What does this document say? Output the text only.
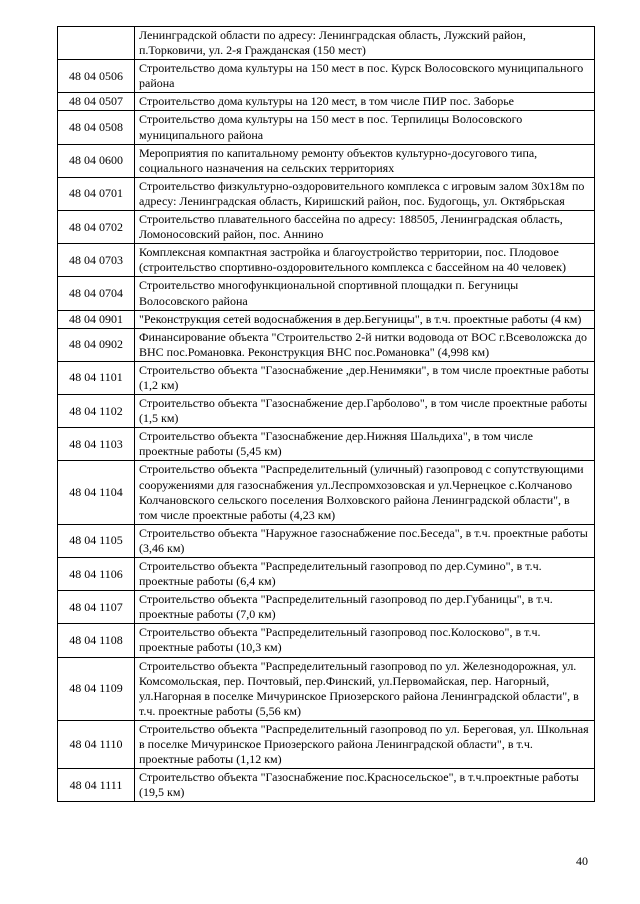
	Ленинградской области по адресу: Ленинградская область, Лужский район, п.Торковичи, ул. 2-я Гражданская (150 мест)
48 04 0506	Строительство дома культуры на 150 мест в пос. Курск Волосовского муниципального района
48 04 0507	Строительство дома культуры на 120 мест, в том числе ПИР пос. Заборье
48 04 0508	Строительство дома культуры на 150 мест в пос. Терпилицы Волосовского муниципального района
48 04 0600	Мероприятия по капитальному ремонту объектов культурно-досугового типа, социального назначения на сельских территориях
48 04 0701	Строительство физкультурно-оздоровительного комплекса с игровым залом 30х18м по адресу: Ленинградская область, Киришский район, пос. Будогощь, ул. Октябрьская
48 04 0702	Строительство плавательного бассейна по адресу: 188505, Ленинградская область, Ломоносовский район, пос. Аннино
48 04 0703	Комплексная компактная застройка и благоустройство территории, пос. Плодовое (строительство спортивно-оздоровительного комплекса с бассейном на 40 человек)
48 04 0704	Строительство многофункциональной спортивной площадки п. Бегуницы Волосовского района
48 04 0901	"Реконструкция сетей водоснабжения в дер.Бегуницы", в т.ч. проектные работы (4 км)
48 04 0902	Финансирование объекта "Строительство 2-й нитки водовода от ВОС г.Всеволожска до ВНС пос.Романовка. Реконструкция ВНС пос.Романовка" (4,998 км)
48 04 1101	Строительство объекта "Газоснабжение ,дер.Ненимяки", в том числе проектные работы (1,2 км)
48 04 1102	Строительство объекта "Газоснабжение дер.Гарболово", в том числе проектные работы (1,5 км)
48 04 1103	Строительство объекта "Газоснабжение дер.Нижняя Шальдиха", в том числе проектные работы (5,45 км)
48 04 1104	Строительство объекта "Распределительный (уличный) газопровод с сопутствующими сооружениями для газоснабжения ул.Леспромхозовская и ул.Чернецкое с.Колчаново Колчановского сельского поселения Волховского района Ленинградской области", в том числе проектные работы (4,23 км)
48 04 1105	Строительство объекта "Наружное газоснабжение пос.Беседа", в т.ч. проектные работы (3,46 км)
48 04 1106	Строительство объекта "Распределительный газопровод по дер.Сумино", в т.ч. проектные работы (6,4 км)
48 04 1107	Строительство объекта "Распределительный газопровод по дер.Губаницы", в т.ч. проектные работы (7,0 км)
48 04 1108	Строительство объекта "Распределительный газопровод пос.Колосково", в т.ч. проектные работы (10,3 км)
48 04 1109	Строительство объекта "Распределительный газопровод по ул. Железнодорожная, ул. Комсомольская, пер. Почтовый, пер.Финский, ул.Первомайская, пер. Нагорный, ул.Нагорная в поселке Мичуринское Приозерского района Ленинградской области", в т.ч. проектные работы (5,56 км)
48 04 1110	Строительство объекта "Распределительный газопровод по ул. Береговая, ул. Школьная в поселке Мичуринское Приозерского района Ленинградской области", в т.ч. проектные работы (1,12 км)
48 04 1111	Строительство объекта "Газоснабжение пос.Красносельское", в т.ч.проектные работы (19,5 км)
40
